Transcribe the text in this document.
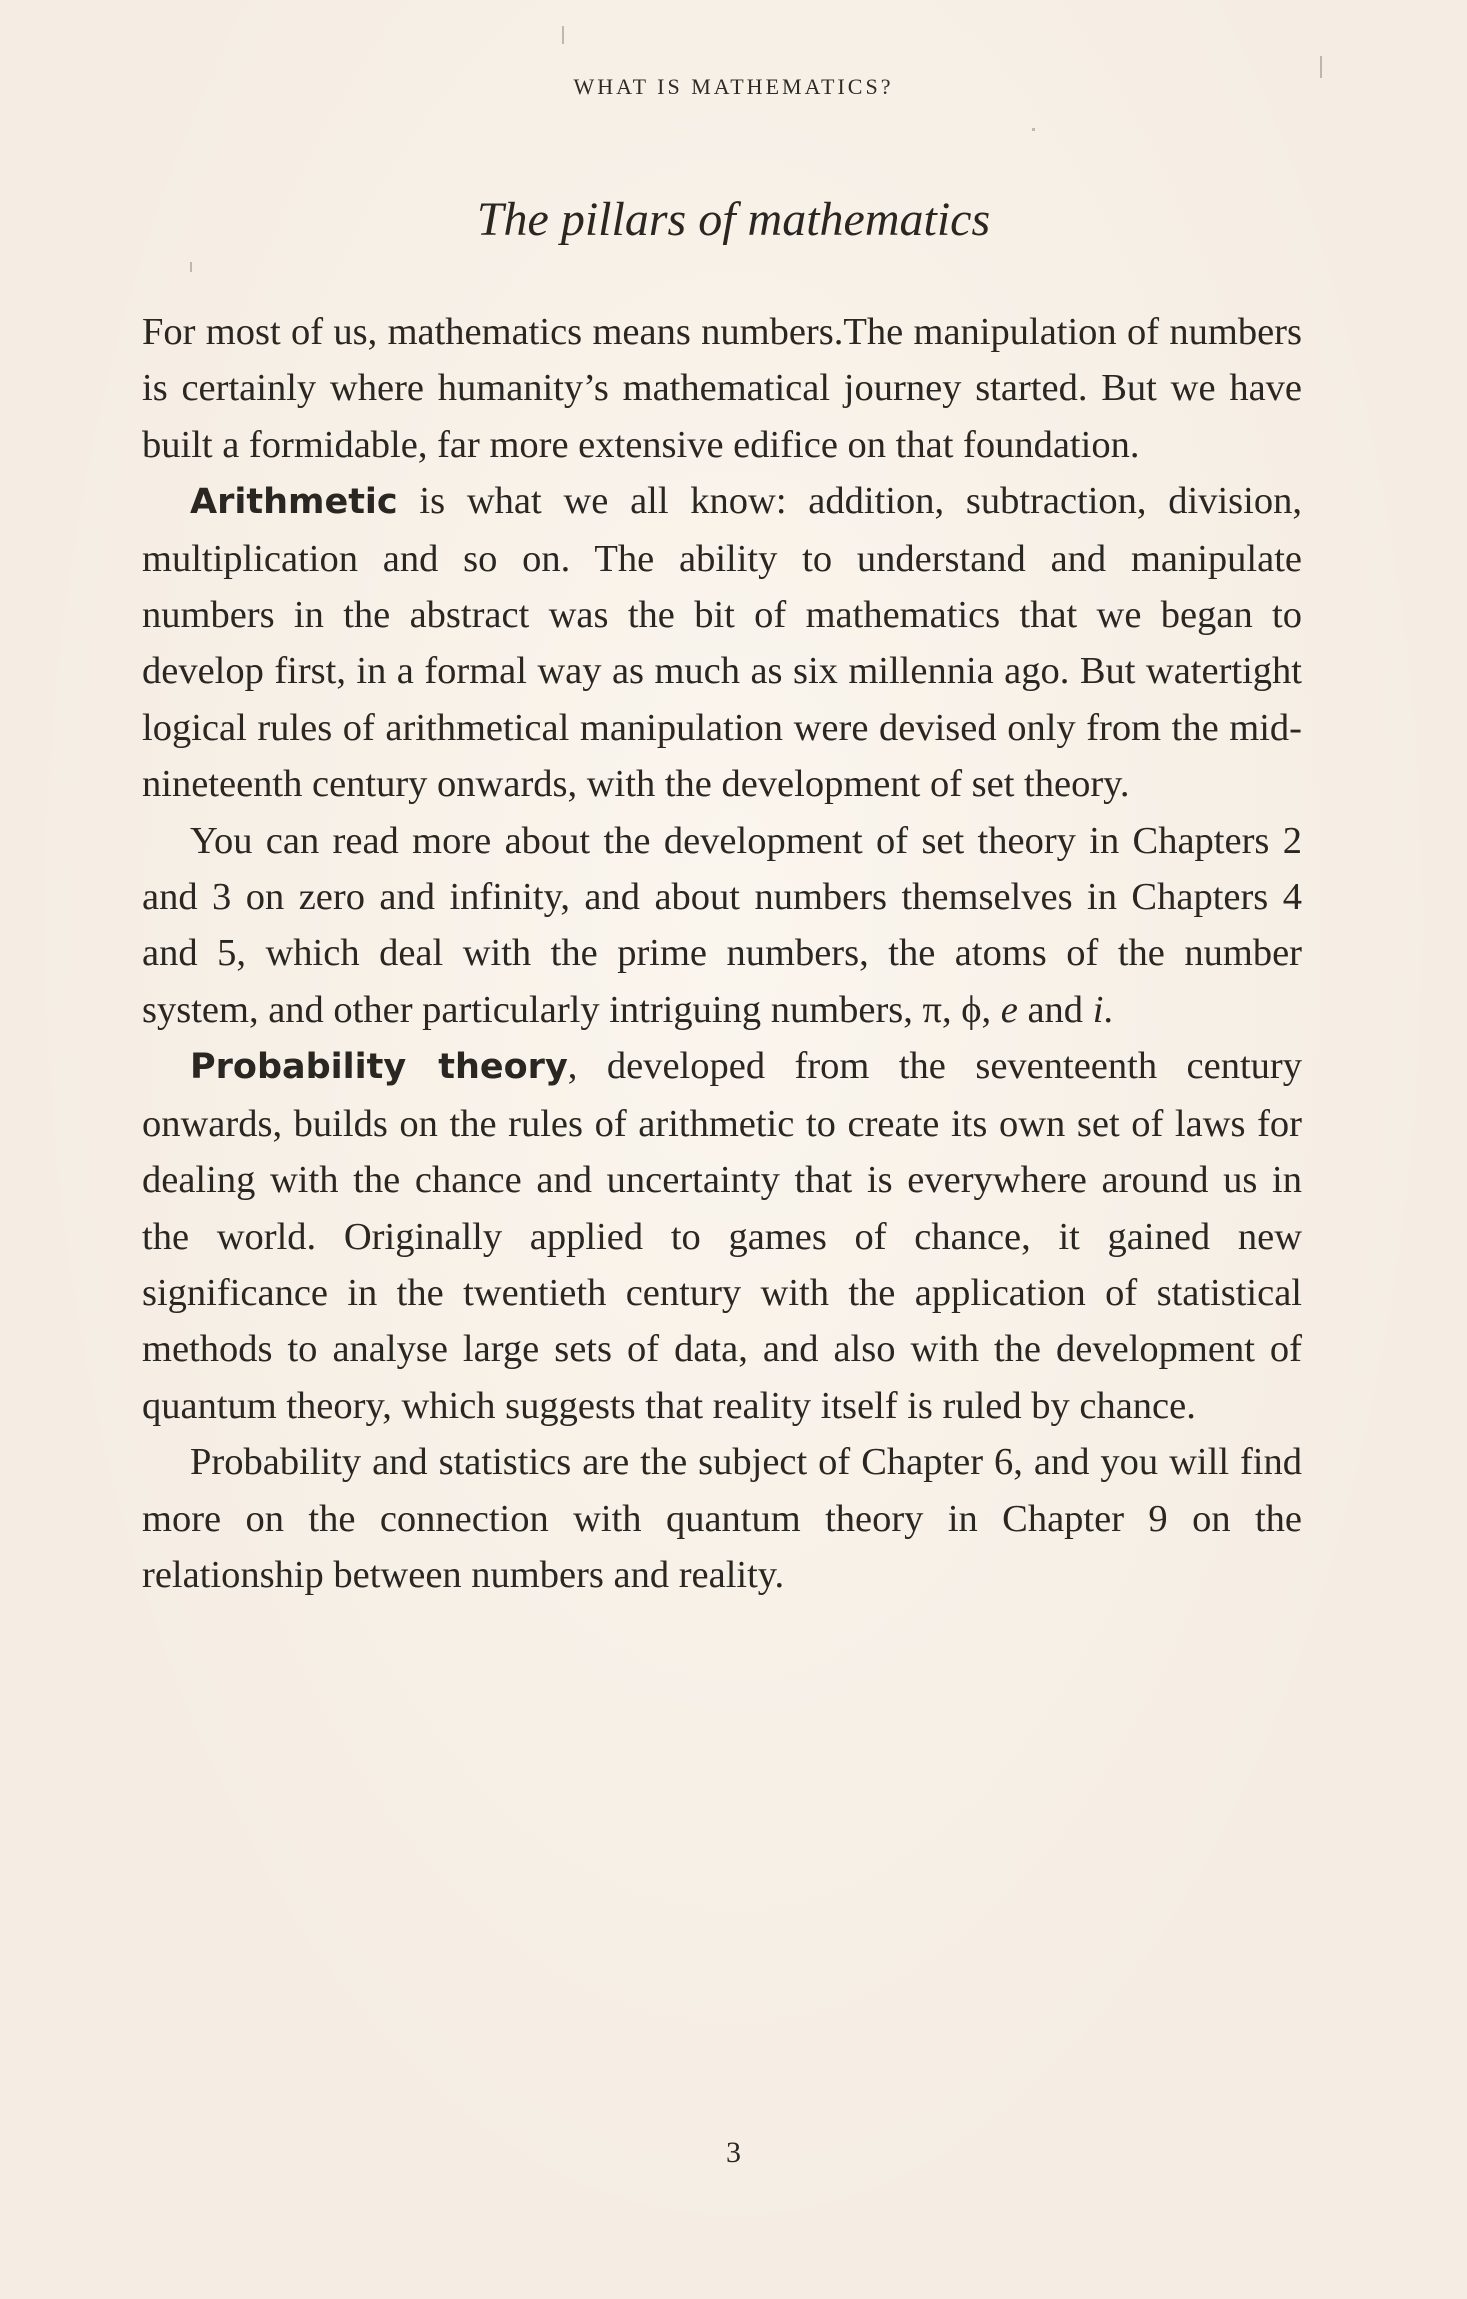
WHAT IS MATHEMATICS?
The pillars of mathematics

For most of us, mathematics means numbers.The manipulation of numbers is certainly where humanity’s mathematical journey started. But we have built a formidable, far more extensive edifice on that foundation.

Arithmetic is what we all know: addition, subtraction, division, multiplication and so on. The ability to understand and manipulate numbers in the abstract was the bit of mathematics that we began to develop first, in a formal way as much as six millennia ago. But watertight logical rules of arithmetical manipulation were devised only from the mid-nineteenth century onwards, with the development of set theory.

You can read more about the development of set theory in Chapters 2 and 3 on zero and infinity, and about numbers themselves in Chapters 4 and 5, which deal with the prime numbers, the atoms of the number system, and other particularly intriguing numbers, π, ϕ, e and i.

Probability theory, developed from the seventeenth century onwards, builds on the rules of arithmetic to create its own set of laws for dealing with the chance and uncertainty that is everywhere around us in the world. Originally applied to games of chance, it gained new significance in the twentieth century with the application of statistical methods to analyse large sets of data, and also with the development of quantum theory, which suggests that reality itself is ruled by chance.

Probability and statistics are the subject of Chapter 6, and you will find more on the connection with quantum theory in Chapter 9 on the relationship between numbers and reality.

3
